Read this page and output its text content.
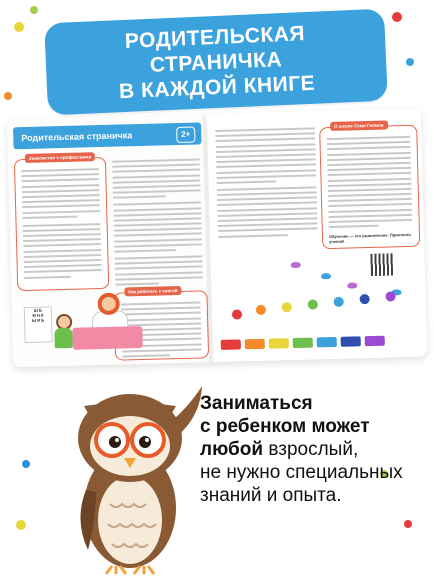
РОДИТЕЛЬСКАЯ
СТРАНИЧКА
В КАЖДОЙ КНИГЕ
Родительская страничка	2+
Знакомство с профессиями
Как работать с книгой
Ш Б
М Н К
Ы И Б
О школе Семи Гномов
Обучение — это развлечение. Приятного учения!
Заниматься
с ребенком может
любой взрослый,
не нужно специальных
знаний и опыта.
